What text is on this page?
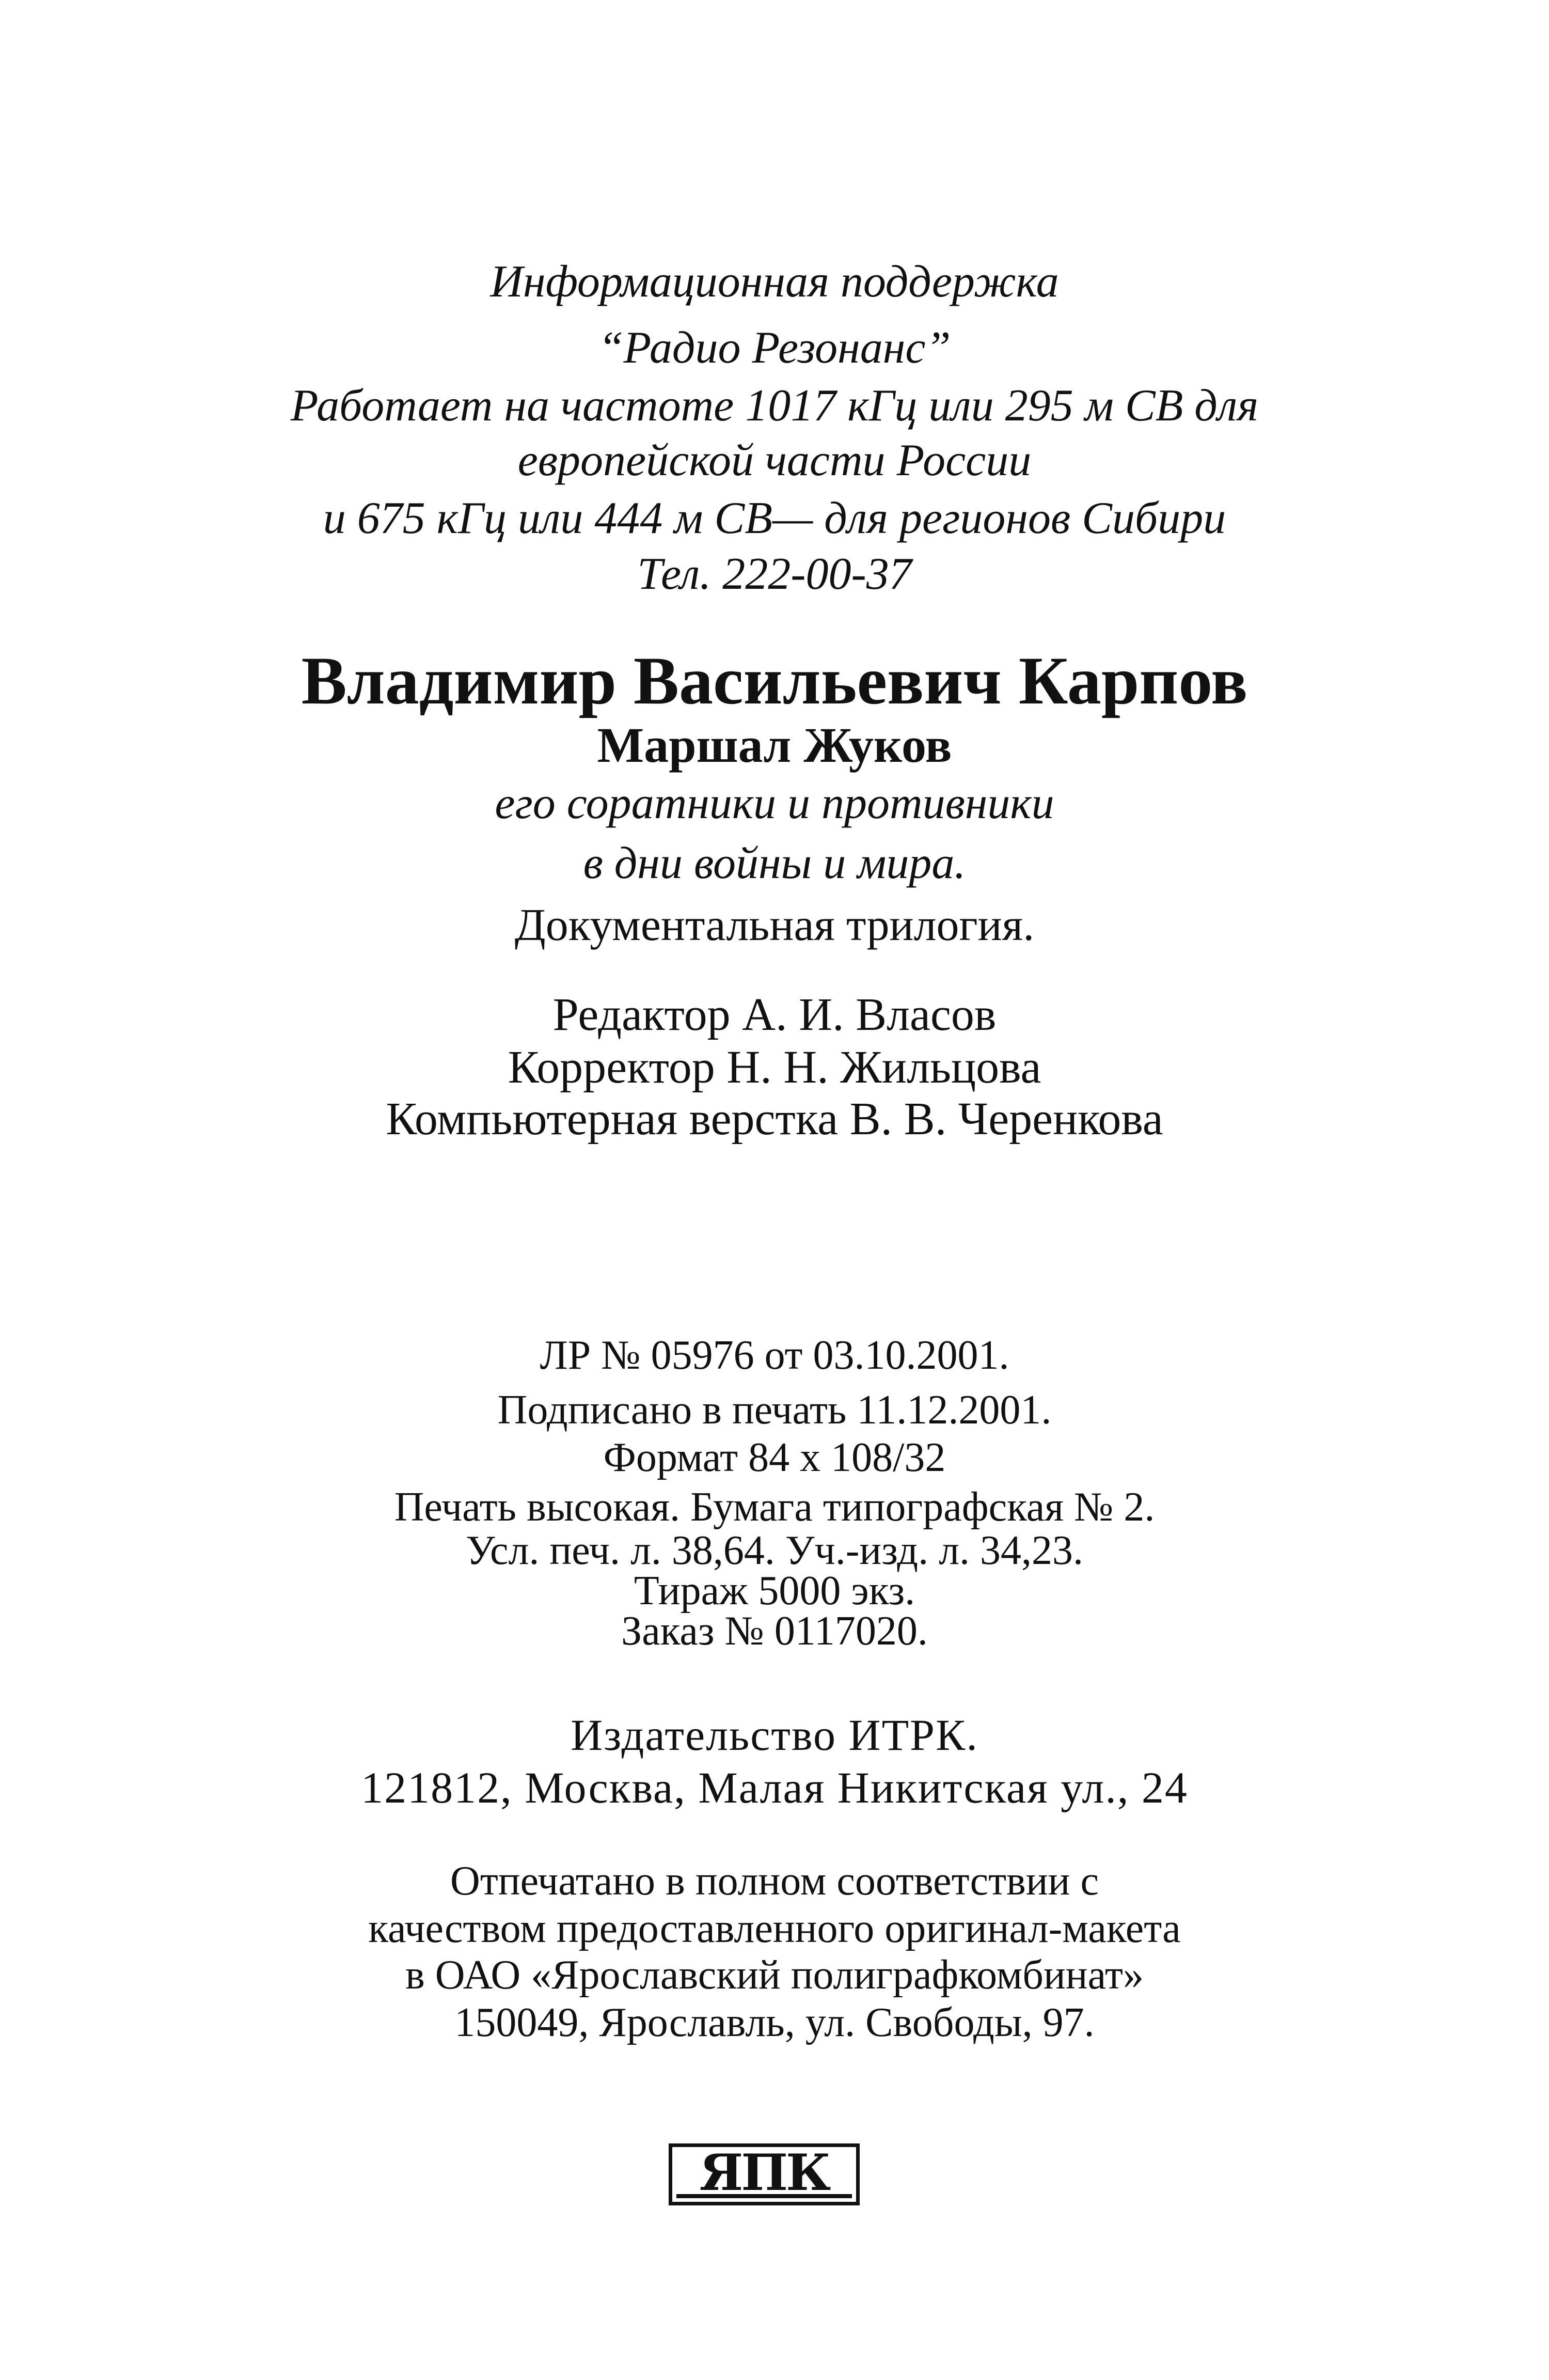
Информационная поддержка
“Радио Резонанс”
Работает на частоте 1017 кГц или 295 м СВ для
европейской части России
и 675 кГц или 444 м СВ— для регионов Сибири
Тел. 222-00-37
Владимир Васильевич Карпов
Маршал Жуков
его соратники и противники
в дни войны и мира.
Документальная трилогия.
Редактор А. И. Власов
Корректор Н. Н. Жильцова
Компьютерная верстка В. В. Черенкова
ЛР № 05976 от 03.10.2001.
Подписано в печать 11.12.2001.
Формат 84 х 108/32
Печать высокая. Бумага типографская № 2.
Усл. печ. л. 38,64. Уч.-изд. л. 34,23.
Тираж 5000 экз.
Заказ № 0117020.
Издательство ИТРК.
121812, Москва, Малая Никитская ул., 24
Отпечатано в полном соответствии с
качеством предоставленного оригинал-макета
в ОАО «Ярославский полиграфкомбинат»
150049, Ярославль, ул. Свободы, 97.
ЯПК
